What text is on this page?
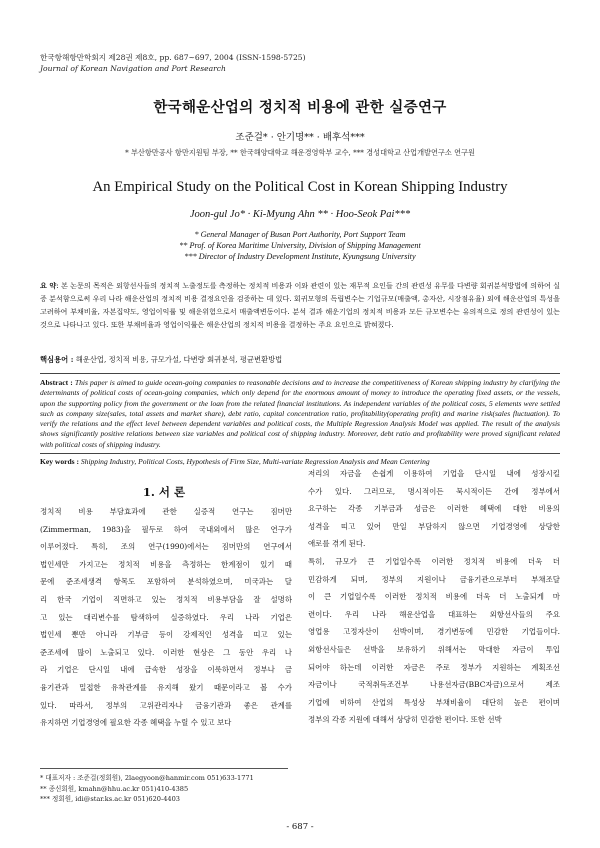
한국항해항만학회지 제28권 제8호, pp. 687~697, 2004 (ISSN-1598-5725)
Journal of Korean Navigation and Port Research
한국해운산업의 정치적 비용에 관한 실증연구
조준걸* · 안기명** · 배후석***
* 부산항만공사 항만지원팀 부장, ** 한국해양대학교 해운경영학부 교수, *** 경성대학교 산업개발연구소 연구원
An Empirical Study on the Political Cost in Korean Shipping Industry
Joon-gul Jo* · Ki-Myung Ahn ** · Hoo-Seok Pai***
* General Manager of Busan Port Authority, Port Support Team
** Prof. of Korea Maritime University, Division of Shipping Management
*** Director of Industry Development Institute, Kyungsung University
요 약: 본 논문의 목적은 외항선사들의 정치적 노출정도를 측정하는 정치적 비용과 이와 관련이 있는 재무적 요인들 간의 관련성 유무를 다변량 회귀분석방법에 의하여 실증 분석함으로써 우리 나라 해운산업의 정치적 비용 결정요인을 검증하는 데 있다. 회귀모형의 독립변수는 기업규모(매출액, 총자산, 시장점유율) 외에 해운산업의 특성을 고려하여 부채비율, 자본집약도, 영업이익률 및 해운위험으로서 매출액변동이다. 분석 결과 해운기업의 정치적 비용과 모든 규모변수는 유의적으로 정의 관련성이 있는 것으로 나타나고 있다. 또한 부채비율과 영업이익률은 해운산업의 정치적 비용을 결정하는 주요 요인으로 밝혀졌다.
핵심용어 : 해운산업, 정치적 비용, 규모가설, 다변량 회귀분석, 평균변환방법
Abstract : This paper is aimed to guide ocean-going companies to reasonable decisions and to increase the competitiveness of Korean shipping industry by clarifying the determinants of political costs of ocean-going companies, which only depend for the enormous amount of money to introduce the operating fixed assets, or the vessels, upon the supporting policy from the government or the loan from the related financial institutions. As independent variables of the political costs, 5 elements were settled such as company size(sales, total assets and market share), debt ratio, capital concentration ratio, profitability(operating profit) and marine risk(sales fluctuation). To verify the relations and the effect level between dependent variables and political costs, the Multiple Regression Analysis Model was applied. The result of the analysis shows significantly positive relations between size variables and political cost of shipping industry. Moreover, debt ratio and profitability were proved significant related with political costs of shipping industry.
Key words : Shipping Industry, Political Costs, Hypothesis of Firm Size, Multi-variate Regression Analysis and Mean Centering
1. 서 론
정치적 비용 부담효과에 관한 실증적 연구는 짐머만
(Zimmerman, 1983)을 필두로 하여 국내외에서 많은 연구가
이루어졌다. 특히, 조의 연구(1990)에서는 짐머만의 연구에서
법인세만 가지고는 정치적 비용을 측정하는 한계점이 있기 때
문에 준조세생격 항목도 포함하여 분석하였으며, 미국과는 달
리 한국 기업이 직면하고 있는 정치적 비용부담을 잘 설명하
고 있는 대리변수를 탐색하여 실증하였다. 우리 나라 기업은
법인세 뿐만 아니라 기부금 등이 강제적인 성격을 띠고 있는
준조세에 많이 노출되고 있다. 이러한 현상은 그 동안 우리 나
라 기업은 단시일 내에 급속한 성장을 이룩하면서 정부나 금
융기관과 밀접한 유착관계를 유지해 왔기 때문이라고 볼 수가
있다. 따라서, 정부의 고위관리자나 금융기관과 좋은 관계를
유지하면 기업경영에 필요한 각종 혜택을 누릴 수 있고 보다
저리의 자금을 손쉽게 이용하여 기업을 단시일 내에 성장시킬
수가 있다. 그러므로, 명시적이든 묵시적이든 간에 정부에서
요구하는 각종 기부금과 성금은 이러한 혜택에 대한 비용의
성격을 띠고 있어 만일 부담하지 않으면 기업경영에 상당한
애로를 겪게 된다.
특히, 규모가 큰 기업일수록 이러한 정치적 비용에 더욱 더
민감하게 되며, 정부의 지원이나 금융기관으로부터 부채조달
이 큰 기업일수록 이러한 정치적 비용에 더욱 더 노출되게 마
련이다. 우리 나라 해운산업을 대표하는 외항선사들의 주요
영업용 고정자산이 선박이며, 경기변동에 민감한 기업들이다.
외항선사들은 선박을 보유하기 위해서는 막대한 자금이 투입
되어야 하는데 이러한 자금은 주로 정부가 지원하는 계획조선
자금이나 국적취득조건부 나용선자금(BBC자금)으로서 제조
기업에 비하여 산업의 특성상 부채비율이 대단히 높은 편이며
정부의 각종 지원에 대해서 상당히 민감한 편이다. 또한 선박
* 대표저자 : 조준걸(정회원), 2laegyoon@hanmir.com 051)633-1771
** 종신회원, kmahn@hhu.ac.kr 051)410-4385
*** 정회원, idi@star.ks.ac.kr 051)620-4403
- 687 -
